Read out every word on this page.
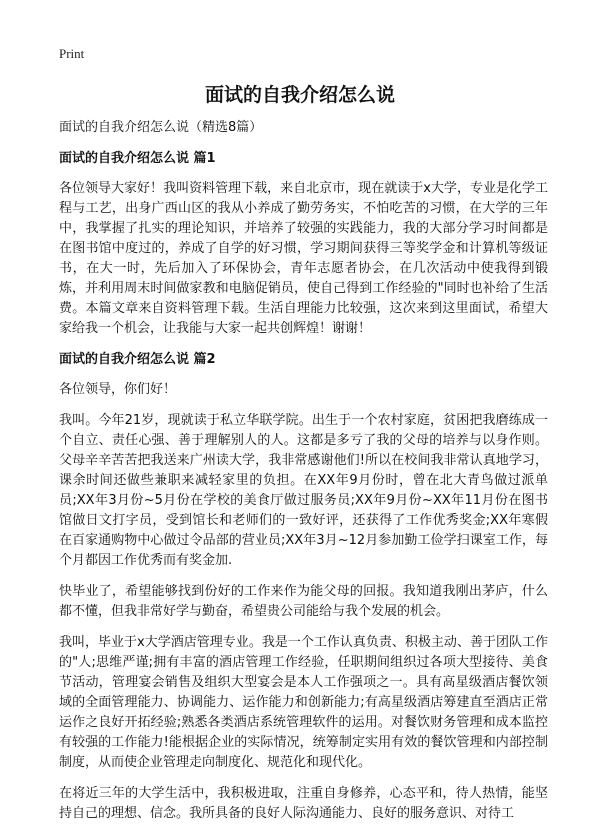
Print
面试的自我介绍怎么说

面试的自我介绍怎么说（精选8篇）

面试的自我介绍怎么说 篇1

各位领导大家好！我叫资料管理下载，来自北京市，现在就读于x大学，专业是化学工程与工艺，出身广西山区的我从小养成了勤劳务实，不怕吃苦的习惯，在大学的三年中，我掌握了扎实的理论知识，并培养了较强的实践能力，我的大部分学习时间都是在图书馆中度过的，养成了自学的好习惯，学习期间获得三等奖学金和计算机等级证书，在大一时，先后加入了环保协会，青年志愿者协会，在几次活动中使我得到锻炼，并利用周末时间做家教和电脑促销员，使自己得到工作经验的"同时也补给了生活费。本篇文章来自资料管理下载。生活自理能力比较强，这次来到这里面试，希望大家给我一个机会，让我能与大家一起共创辉煌！谢谢！

面试的自我介绍怎么说 篇2

各位领导，你们好！

我叫。今年21岁，现就读于私立华联学院。出生于一个农村家庭，贫困把我磨练成一个自立、责任心强、善于理解别人的人。这都是多亏了我的父母的培养与以身作则。父母辛辛苦苦把我送来广州读大学，我非常感谢他们!所以在校间我非常认真地学习，课余时间还做些兼职来减轻家里的负担。在XX年9月份时，曾在北大青鸟做过派单员;XX年3月份~5月份在学校的美食厅做过服务员;XX年9月份~XX年11月份在图书馆做日文打字员，受到馆长和老师们的一致好评，还获得了工作优秀奖金;XX年寒假在百家通购物中心做过令品部的营业员;XX年3月~12月参加勤工俭学扫课室工作，每个月都因工作优秀而有奖金加.

快毕业了，希望能够找到份好的工作来作为能父母的回报。我知道我刚出茅庐，什么都不懂，但我非常好学与勤奋，希望贵公司能给与我个发展的机会。

我叫，毕业于x大学酒店管理专业。我是一个工作认真负责、积极主动、善于团队工作的"人;思维严谨;拥有丰富的酒店管理工作经验，任职期间组织过各项大型接待、美食节活动，管理宴会销售及组织大型宴会是本人工作强项之一。具有高星级酒店餐饮领域的全面管理能力、协调能力、运作能力和创新能力;有高星级酒店筹建直至酒店正常运作之良好开拓经验;熟悉各类酒店系统管理软件的运用。对餐饮财务管理和成本监控有较强的工作能力!能根据企业的实际情况，统筹制定实用有效的餐饮管理和内部控制制度，从而使企业管理走向制度化、规范化和现代化。

在将近三年的大学生活中，我积极进取，注重自身修养，心态平和，待人热情，能坚持自己的理想、信念。我所具备的良好人际沟通能力、良好的服务意识、对待工
